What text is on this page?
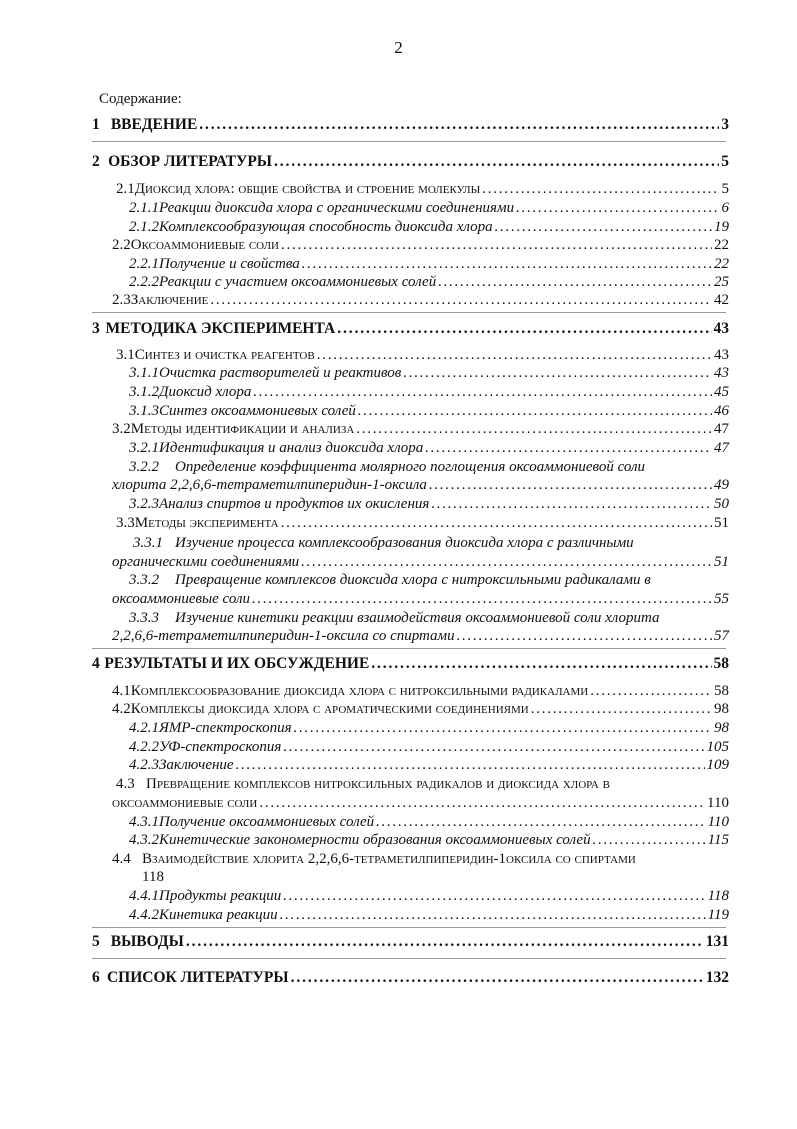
2
Содержание:
1 ВВЕДЕНИЕ . . .	3
2 ОБЗОР ЛИТЕРАТУРЫ . . .	5
2.1 Диоксид хлора: общие свойства и строение молекулы . . .	5
2.1.1 Реакции диоксида хлора с органическими соединениями . . .	6
2.1.2 Комплексообразующая способность диоксида хлора . . .	19
2.2 Оксоаммониевые соли . . .	22
2.2.1 Получение и свойства . . .	22
2.2.2 Реакции с участием оксоаммониевых солей . . .	25
2.3 Заключение . . .	42
3 МЕТОДИКА ЭКСПЕРИМЕНТА . . .	43
3.1 Синтез и очистка реагентов . . .	43
3.1.1 Очистка растворителей и реактивов . . .	43
3.1.2 Диоксид хлора . . .	45
3.1.3 Синтез оксоаммониевых солей . . .	46
3.2 Методы идентификации и анализа . . .	47
3.2.1 Идентификация и анализ диоксида хлора . . .	47
3.2.2 Определение коэффициента молярного поглощения оксоаммониевой соли
хлорита 2,2,6,6-тетраметилпиперидин-1-оксила . . .	49
3.2.3 Анализ спиртов и продуктов их окисления . . .	50
3.3 Методы эксперимента . . .	51
3.3.1 Изучение процесса комплексообразования диоксида хлора с различными
органическими соединениями . . .	51
3.3.2 Превращение комплексов диоксида хлора с нитроксильными радикалами в
оксоаммониевые соли . . .	55
3.3.3 Изучение кинетики реакции взаимодействия оксоаммониевой соли хлорита
2,2,6,6-тетраметилпиперидин-1-оксила со спиртами . . .	57
4 РЕЗУЛЬТАТЫ И ИХ ОБСУЖДЕНИЕ . . .	58
4.1 Комплексообразование диоксида хлора с нитроксильными радикалами . . .	58
4.2 Комплексы диоксида хлора с ароматическими соединениями . . .	98
4.2.1 ЯМР-спектроскопия . . .	98
4.2.2 УФ-спектроскопия . . .	105
4.2.3 Заключение . . .	109
4.3 Превращение комплексов нитроксильных радикалов и диоксида хлора в
оксоаммониевые соли . . .	110
4.3.1 Получение оксоаммониевых солей . . .	110
4.3.2 Кинетические закономерности образования оксоаммониевых солей . . .	115
4.4 Взаимодействие хлорита 2,2,6,6-тетраметилпиперидин-1оксила со спиртами
118
4.4.1 Продукты реакции . . .	118
4.4.2 Кинетика реакции . . .	119
5 ВЫВОДЫ . . .	131
6 СПИСОК ЛИТЕРАТУРЫ . . .	132
